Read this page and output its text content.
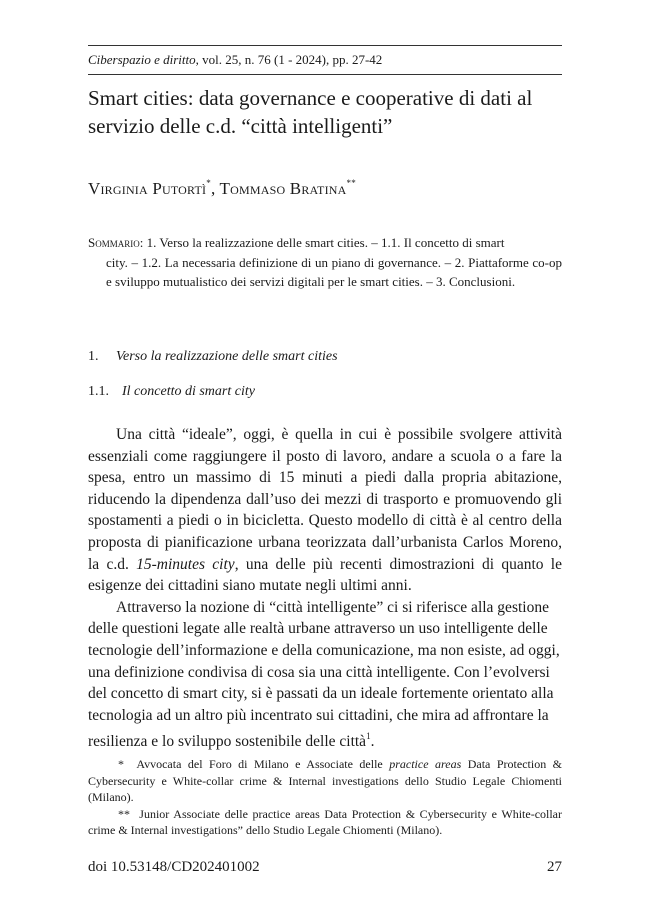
Ciberspazio e diritto, vol. 25, n. 76 (1 - 2024), pp. 27-42
Smart cities: data governance e cooperative di dati al
servizio delle c.d. “città intelligenti”
Virginia Putortì*, Tommaso Bratina**
Sommario: 1. Verso la realizzazione delle smart cities. – 1.1. Il concetto di smart
city. – 1.2. La necessaria definizione di un piano di governance. – 2. Piattaforme co-op e sviluppo mutualistico dei servizi digitali per le smart cities. – 3. Conclusioni.
1. Verso la realizzazione delle smart cities
1.1. Il concetto di smart city

Una città “ideale”, oggi, è quella in cui è possibile svolgere attività essenziali come raggiungere il posto di lavoro, andare a scuola o a fare la spesa, entro un massimo di 15 minuti a piedi dalla propria abitazione, riducendo la dipendenza dall’uso dei mezzi di trasporto e promuovendo gli spostamenti a piedi o in bicicletta. Questo modello di città è al centro della proposta di pianificazione urbana teorizzata dall’urbanista Carlos Moreno, la c.d. 15-minutes city, una delle più recenti dimostrazioni di quanto le esigenze dei cittadini siano mutate negli ultimi anni.

Attraverso la nozione di “città intelligente” ci si riferisce alla gestione delle questioni legate alle realtà urbane attraverso un uso intelligente delle tecnologie dell’informazione e della comunicazione, ma non esiste, ad oggi, una definizione condivisa di cosa sia una città intelligente. Con l’evolversi del concetto di smart city, si è passati da un ideale fortemente orientato alla tecnologia ad un altro più incentrato sui cittadini, che mira ad affrontare la resilienza e lo sviluppo sostenibile delle città$^1$.

* Avvocata del Foro di Milano e Associate delle practice areas Data Protection & Cybersecurity e White-collar crime & Internal investigations dello Studio Legale Chiomenti (Milano).

** Junior Associate delle practice areas Data Protection & Cybersecurity e White-collar crime & Internal investigations” dello Studio Legale Chiomenti (Milano).

doi 10.53148/CD202401002	27
